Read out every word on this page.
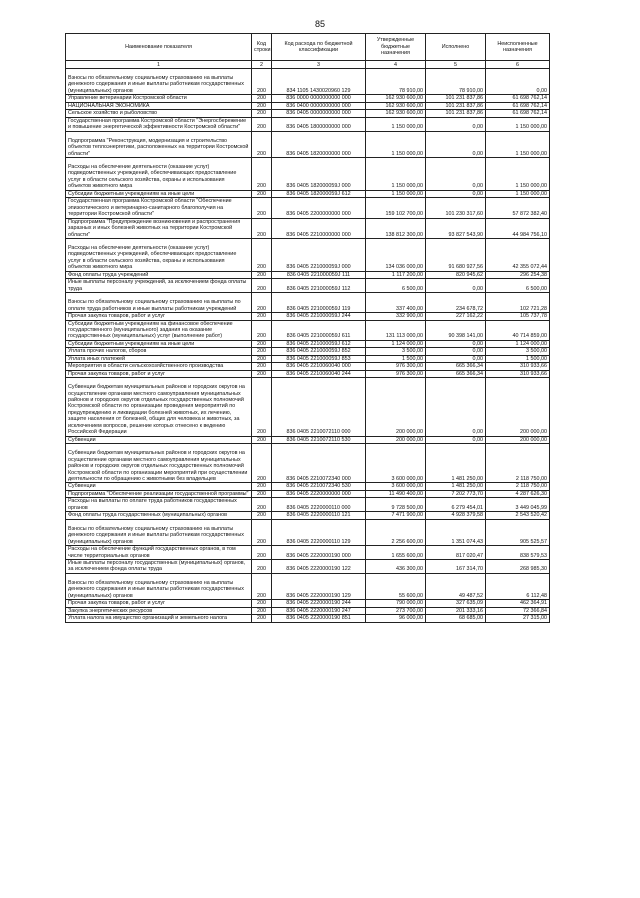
85
Наименование показателя	Код строки	Код расхода по бюджетной классификации	Утвержденные бюджетные назначения	Исполнено	Неисполненные назначения
1	2	3	4	5	6
Взносы по обязательному социальному страхованию на выплаты денежного содержания и иные выплаты работникам государственных (муниципальных) органов	200	834 1105 1430020960 129	78 910,00	78 910,00	0,00
Управление ветеринарии Костромской области	200	836 0000 0000000000 000	162 930 600,00	101 231 837,86	61 698 762,14
НАЦИОНАЛЬНАЯ ЭКОНОМИКА	200	836 0400 0000000000 000	162 930 600,00	101 231 837,86	61 698 762,14
Сельское хозяйство и рыболовство	200	836 0405 0000000000 000	162 930 600,00	101 231 837,86	61 698 762,14
Государственная программа Костромской области "Энергосбережение и повышение энергетической эффективности Костромской области"	200	836 0405 1800000000 000	1 150 000,00	0,00	1 150 000,00
Подпрограмма "Реконструкция, модернизация и строительство объектов теплоэнергетики, расположенных на территории Костромской области"	200	836 0405 1820000000 000	1 150 000,00	0,00	1 150 000,00
Расходы на обеспечение деятельности (оказание услуг) подведомственных учреждений, обеспечивающих предоставление услуг в области сельского хозяйства, охраны и использования объектов животного мира	200	836 0405 182000059J 000	1 150 000,00	0,00	1 150 000,00
Субсидии бюджетным учреждениям на иные цели	200	836 0405 182000059J 612	1 150 000,00	0,00	1 150 000,00
Государственная программа Костромской области "Обеспечение эпизоотического и ветеринарно-санитарного благополучия на территории Костромской области"	200	836 0405 2200000000 000	159 102 700,00	101 230 317,60	57 872 382,40
Подпрограмма "Предупреждение возникновения и распространения заразных и иных болезней животных на территории Костромской области"	200	836 0405 2210000000 000	138 812 300,00	93 827 543,90	44 984 756,10
Расходы на обеспечение деятельности (оказание услуг) подведомственных учреждений, обеспечивающих предоставление услуг в области сельского хозяйства, охраны и использования объектов животного мира	200	836 0405 221000059J 000	134 036 000,00	91 680 927,56	42 355 072,44
Фонд оплаты труда учреждений	200	836 0405 221000059J 111	1 117 200,00	820 945,62	296 254,38
Иные выплаты персоналу учреждений, за исключением фонда оплаты труда	200	836 0405 221000059J 112	6 500,00	0,00	6 500,00
Взносы по обязательному социальному страхованию на выплаты по оплате труда работников и иные выплаты работникам учреждений	200	836 0405 221000059J 119	337 400,00	234 678,72	102 721,28
Прочая закупка товаров, работ и услуг	200	836 0405 221000059J 244	332 900,00	227 162,22	105 737,78
Субсидии бюджетным учреждениям на финансовое обеспечение государственного (муниципального) задания на оказание государственных (муниципальных) услуг (выполнение работ)	200	836 0405 221000059J 611	131 113 000,00	90 398 141,00	40 714 859,00
Субсидии бюджетным учреждениям на иные цели	200	836 0405 221000059J 612	1 124 000,00	0,00	1 124 000,00
Уплата прочих налогов, сборов	200	836 0405 221000059J 852	3 500,00	0,00	3 500,00
Уплата иных платежей	200	836 0405 221000059J 853	1 500,00	0,00	1 500,00
Мероприятия в области сельскохозяйственного производства	200	836 0405 2210060040 000	976 300,00	665 366,34	310 933,66
Прочая закупка товаров, работ и услуг	200	836 0405 2210060040 244	976 300,00	665 366,34	310 933,66
Субвенции бюджетам муниципальных районов и городских округов на осуществление органами местного самоуправления муниципальных районов и городских округов отдельных государственных полномочий Костромской области по организации проведения мероприятий по предупреждению и ликвидации болезней животных, их лечению, защите населения от болезней, общих для человека и животных, за исключением вопросов, решение которых отнесено к ведению Российской Федерации	200	836 0405 2210072110 000	200 000,00	0,00	200 000,00
Субвенции	200	836 0405 2210072110 530	200 000,00	0,00	200 000,00
Субвенции бюджетам муниципальных районов и городских округов на осуществление органами местного самоуправления муниципальных районов и городских округов отдельных государственных полномочий Костромской области по организации мероприятий при осуществлении деятельности по обращению с животными без владельцев	200	836 0405 2210072340 000	3 600 000,00	1 481 250,00	2 118 750,00
Субвенции	200	836 0405 2210072340 530	3 600 000,00	1 481 250,00	2 118 750,00
Подпрограмма "Обеспечение реализации государственной программы"	200	836 0405 2220000000 000	11 490 400,00	7 202 773,70	4 287 626,30
Расходы на выплаты по оплате труда работников государственных органов	200	836 0405 2220000110 000	9 728 500,00	6 279 454,01	3 449 045,99
Фонд оплаты труда государственных (муниципальных) органов	200	836 0405 2220000110 121	7 471 900,00	4 928 379,58	2 543 520,42
Взносы по обязательному социальному страхованию на выплаты денежного содержания и иные выплаты работникам государственных (муниципальных) органов	200	836 0405 2220000110 129	2 256 600,00	1 351 074,43	905 525,57
Расходы на обеспечение функций государственных органов, в том числе территориальных органов	200	836 0405 2220000190 000	1 655 600,00	817 020,47	838 579,53
Иные выплаты персоналу государственных (муниципальных) органов, за исключением фонда оплаты труда	200	836 0405 2220000190 122	436 300,00	167 314,70	268 985,30
Взносы по обязательному социальному страхованию на выплаты денежного содержания и иные выплаты работникам государственных (муниципальных) органов	200	836 0405 2220000190 129	55 600,00	49 487,52	6 112,48
Прочая закупка товаров, работ и услуг	200	836 0405 2220000190 244	790 000,00	327 635,09	462 364,91
Закупка энергетических ресурсов	200	836 0405 2220000190 247	273 700,00	201 333,16	72 366,84
Уплата налога на имущество организаций и земельного налога	200	836 0405 2220000190 851	96 000,00	68 685,00	27 315,00
